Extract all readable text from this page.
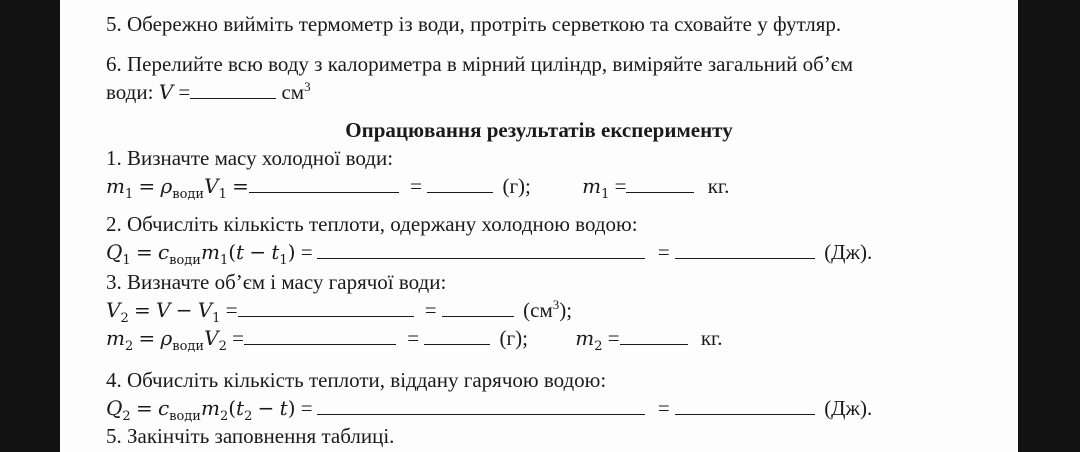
5. Обережно вийміть термометр із води, протріть серветкою та сховайте у футляр.
6. Перелийте всю воду з калориметра в мірний циліндр, виміряйте загальний об’єм
води: V =	$см^3$
Опрацювання результатів експерименту
1. Визначте масу холодної води:
$m_1 = \rho_{води}V_1$ =	=	(г);	$m_1$ =	кг.
2. Обчисліть кількість теплоти, одержану холодною водою:
$Q_1 = c_{води}m_1(t - t_1)$ =	=	(Дж).
3. Визначте об’єм і масу гарячої води:
$V_2 = V - V_1$ =	=	$(см^3)$;
$m_2 = \rho_{води}V_2$ =	=	(г); $m_2$ =	кг.
4. Обчисліть кількість теплоти, віддану гарячою водою:
$Q_2 = c_{води}m_2(t_2 - t)$ =	=	(Дж).
5. Закінчіть заповнення таблиці.
